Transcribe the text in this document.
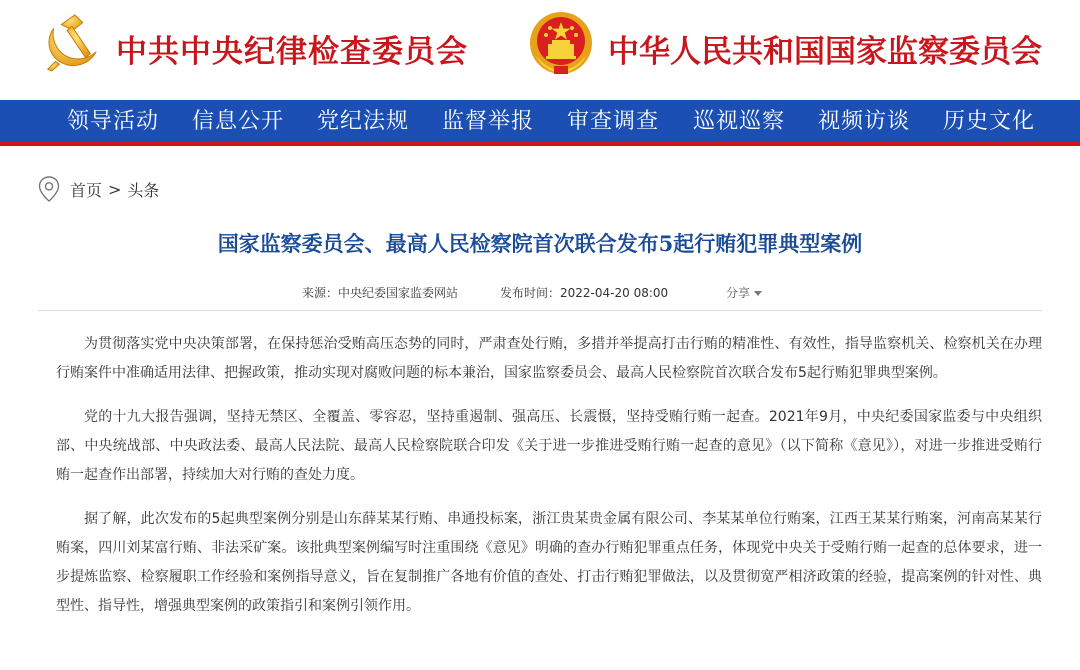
中共中央纪律检查委员会	中华人民共和国国家监察委员会
领导活动 信息公开 党纪法规 监督举报 审查调查 巡视巡察 视频访谈 历史文化
首页 > 头条
国家监察委员会、最高人民检察院首次联合发布5起行贿犯罪典型案例
来源：中央纪委国家监委网站	发布时间：2022-04-20 08:00	分享

为贯彻落实党中央决策部署，在保持惩治受贿高压态势的同时，严肃查处行贿，多措并举提高打击行贿的精准性、有效性，指导监察机关、检察机关在办理行贿案件中准确适用法律、把握政策，推动实现对腐败问题的标本兼治，国家监察委员会、最高人民检察院首次联合发布5起行贿犯罪典型案例。

党的十九大报告强调，坚持无禁区、全覆盖、零容忍，坚持重遏制、强高压、长震慑，坚持受贿行贿一起查。2021年9月，中央纪委国家监委与中央组织部、中央统战部、中央政法委、最高人民法院、最高人民检察院联合印发《关于进一步推进受贿行贿一起查的意见》（以下简称《意见》），对进一步推进受贿行贿一起查作出部署，持续加大对行贿的查处力度。

据了解，此次发布的5起典型案例分别是山东薛某某行贿、串通投标案，浙江贵某贵金属有限公司、李某某单位行贿案，江西王某某行贿案，河南高某某行贿案，四川刘某富行贿、非法采矿案。该批典型案例编写时注重围绕《意见》明确的查办行贿犯罪重点任务，体现党中央关于受贿行贿一起查的总体要求，进一步提炼监察、检察履职工作经验和案例指导意义，旨在复制推广各地有价值的查处、打击行贿犯罪做法，以及贯彻宽严相济政策的经验，提高案例的针对性、典型性、指导性，增强典型案例的政策指引和案例引领作用。
